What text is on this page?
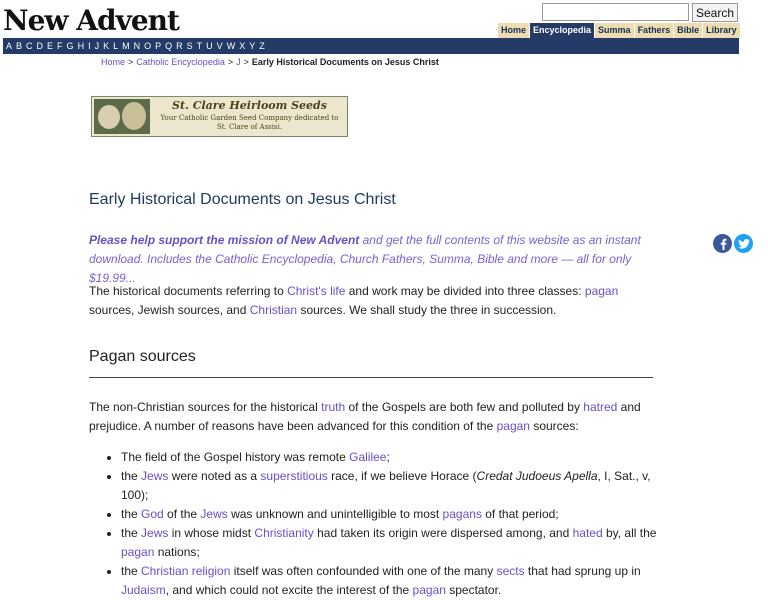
New Advent	Search
Home Encyclopedia Summa Fathers Bible Library
A B C D E F G H I J K L M N O P Q R S T U V W X Y Z
Home > Catholic Encyclopedia > J > Early Historical Documents on Jesus Christ
St. Clare Heirloom Seeds
Your Catholic Garden Seed Company dedicated to
St. Clare of Assisi.
Early Historical Documents on Jesus Christ

Please help support the mission of New Advent and get the full contents of this website as an instant download. Includes the Catholic Encyclopedia, Church Fathers, Summa, Bible and more — all for only $19.99...

The historical documents referring to Christ's life and work may be divided into three classes: pagan sources, Jewish sources, and Christian sources. We shall study the three in succession.

Pagan sources

The non-Christian sources for the historical truth of the Gospels are both few and polluted by hatred and prejudice. A number of reasons have been advanced for this condition of the pagan sources:

• The field of the Gospel history was remote Galilee;
• the Jews were noted as a superstitious race, if we believe Horace (Credat Judoeus Apella, I, Sat., v, 100);
• the God of the Jews was unknown and unintelligible to most pagans of that period;
• the Jews in whose midst Christianity had taken its origin were dispersed among, and hated by, all the pagan nations;
• the Christian religion itself was often confounded with one of the many sects that had sprung up in Judaism, and which could not excite the interest of the pagan spectator.
